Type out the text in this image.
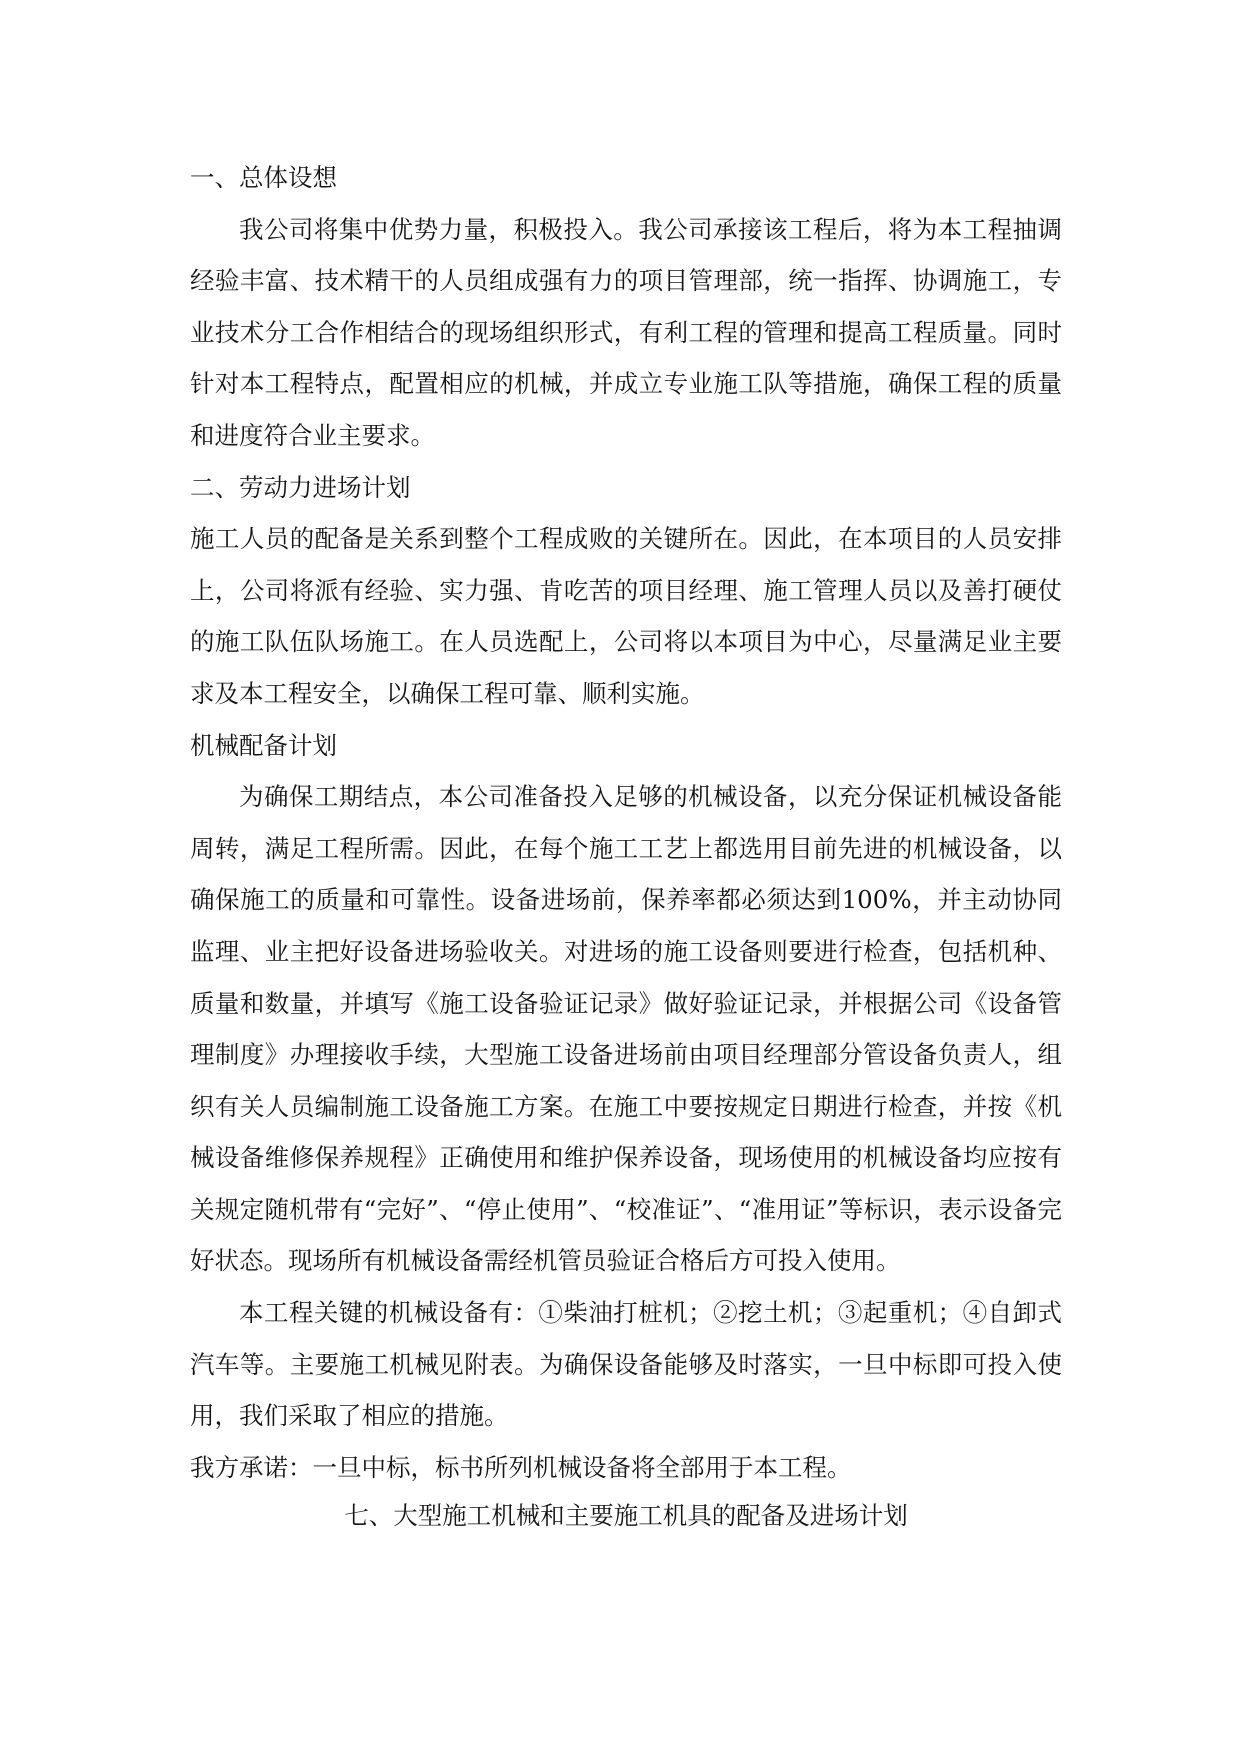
一、总体设想

我公司将集中优势力量，积极投入。我公司承接该工程后，将为本工程抽调经验丰富、技术精干的人员组成强有力的项目管理部，统一指挥、协调施工，专业技术分工合作相结合的现场组织形式，有利工程的管理和提高工程质量。同时针对本工程特点，配置相应的机械，并成立专业施工队等措施，确保工程的质量和进度符合业主要求。

二、劳动力进场计划

施工人员的配备是关系到整个工程成败的关键所在。因此，在本项目的人员安排上，公司将派有经验、实力强、肯吃苦的项目经理、施工管理人员以及善打硬仗的施工队伍队场施工。在人员选配上，公司将以本项目为中心，尽量满足业主要求及本工程安全，以确保工程可靠、顺利实施。

机械配备计划

为确保工期结点，本公司准备投入足够的机械设备，以充分保证机械设备能周转，满足工程所需。因此，在每个施工工艺上都选用目前先进的机械设备，以确保施工的质量和可靠性。设备进场前，保养率都必须达到100%，并主动协同监理、业主把好设备进场验收关。对进场的施工设备则要进行检查，包括机种、质量和数量，并填写《施工设备验证记录》做好验证记录，并根据公司《设备管理制度》办理接收手续，大型施工设备进场前由项目经理部分管设备负责人，组织有关人员编制施工设备施工方案。在施工中要按规定日期进行检查，并按《机械设备维修保养规程》正确使用和维护保养设备，现场使用的机械设备均应按有关规定随机带有“完好”、“停止使用”、“校准证”、“准用证”等标识，表示设备完好状态。现场所有机械设备需经机管员验证合格后方可投入使用。

本工程关键的机械设备有：①柴油打桩机；②挖土机；③起重机；④自卸式汽车等。主要施工机械见附表。为确保设备能够及时落实，一旦中标即可投入使用，我们采取了相应的措施。

我方承诺：一旦中标，标书所列机械设备将全部用于本工程。

七、大型施工机械和主要施工机具的配备及进场计划
